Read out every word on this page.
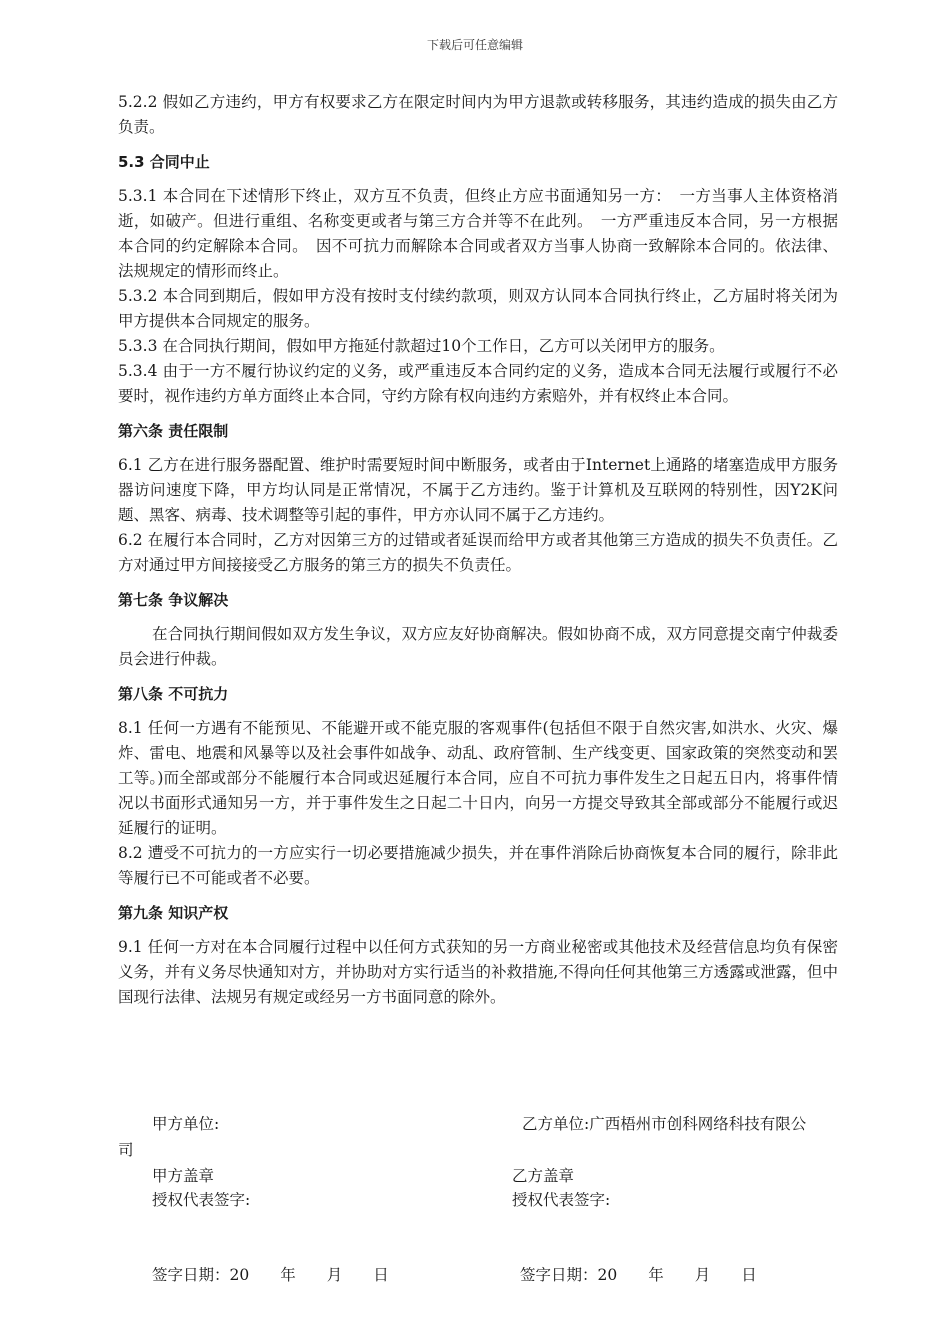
下载后可任意编辑
5.2.2 假如乙方违约，甲方有权要求乙方在限定时间内为甲方退款或转移服务，其违约造成的损失由乙方负责。
5.3 合同中止
5.3.1 本合同在下述情形下终止，双方互不负责，但终止方应书面通知另一方：　一方当事人主体资格消逝，如破产。但进行重组、名称变更或者与第三方合并等不在此列。　一方严重违反本合同，另一方根据本合同的约定解除本合同。　因不可抗力而解除本合同或者双方当事人协商一致解除本合同的。依法律、法规规定的情形而终止。
5.3.2 本合同到期后，假如甲方没有按时支付续约款项，则双方认同本合同执行终止，乙方届时将关闭为甲方提供本合同规定的服务。
5.3.3 在合同执行期间，假如甲方拖延付款超过10个工作日，乙方可以关闭甲方的服务。
5.3.4 由于一方不履行协议约定的义务，或严重违反本合同约定的义务，造成本合同无法履行或履行不必要时，视作违约方单方面终止本合同，守约方除有权向违约方索赔外，并有权终止本合同。
第六条 责任限制
6.1 乙方在进行服务器配置、维护时需要短时间中断服务，或者由于Internet上通路的堵塞造成甲方服务器访问速度下降，甲方均认同是正常情况，不属于乙方违约。鉴于计算机及互联网的特别性，因Y2K问题、黑客、病毒、技术调整等引起的事件，甲方亦认同不属于乙方违约。
6.2 在履行本合同时，乙方对因第三方的过错或者延误而给甲方或者其他第三方造成的损失不负责任。乙方对通过甲方间接接受乙方服务的第三方的损失不负责任。
第七条 争议解决
在合同执行期间假如双方发生争议，双方应友好协商解决。假如协商不成，双方同意提交南宁仲裁委员会进行仲裁。
第八条 不可抗力
8.1 任何一方遇有不能预见、不能避开或不能克服的客观事件(包括但不限于自然灾害,如洪水、火灾、爆炸、雷电、地震和风暴等以及社会事件如战争、动乱、政府管制、生产线变更、国家政策的突然变动和罢工等。)而全部或部分不能履行本合同或迟延履行本合同，应自不可抗力事件发生之日起五日内，将事件情况以书面形式通知另一方，并于事件发生之日起二十日内，向另一方提交导致其全部或部分不能履行或迟延履行的证明。
8.2 遭受不可抗力的一方应实行一切必要措施减少损失，并在事件消除后协商恢复本合同的履行，除非此等履行已不可能或者不必要。
第九条 知识产权
9.1 任何一方对在本合同履行过程中以任何方式获知的另一方商业秘密或其他技术及经营信息均负有保密义务，并有义务尽快通知对方，并协助对方实行适当的补救措施,不得向任何其他第三方透露或泄露，但中国现行法律、法规另有规定或经另一方书面同意的除外。
甲方单位:	乙方单位:广西梧州市创科网络科技有限公
司
甲方盖章	乙方盖章
授权代表签字:	授权代表签字:
签字日期：20　　年　　月　　日	签字日期：20　　年　　月　　日
